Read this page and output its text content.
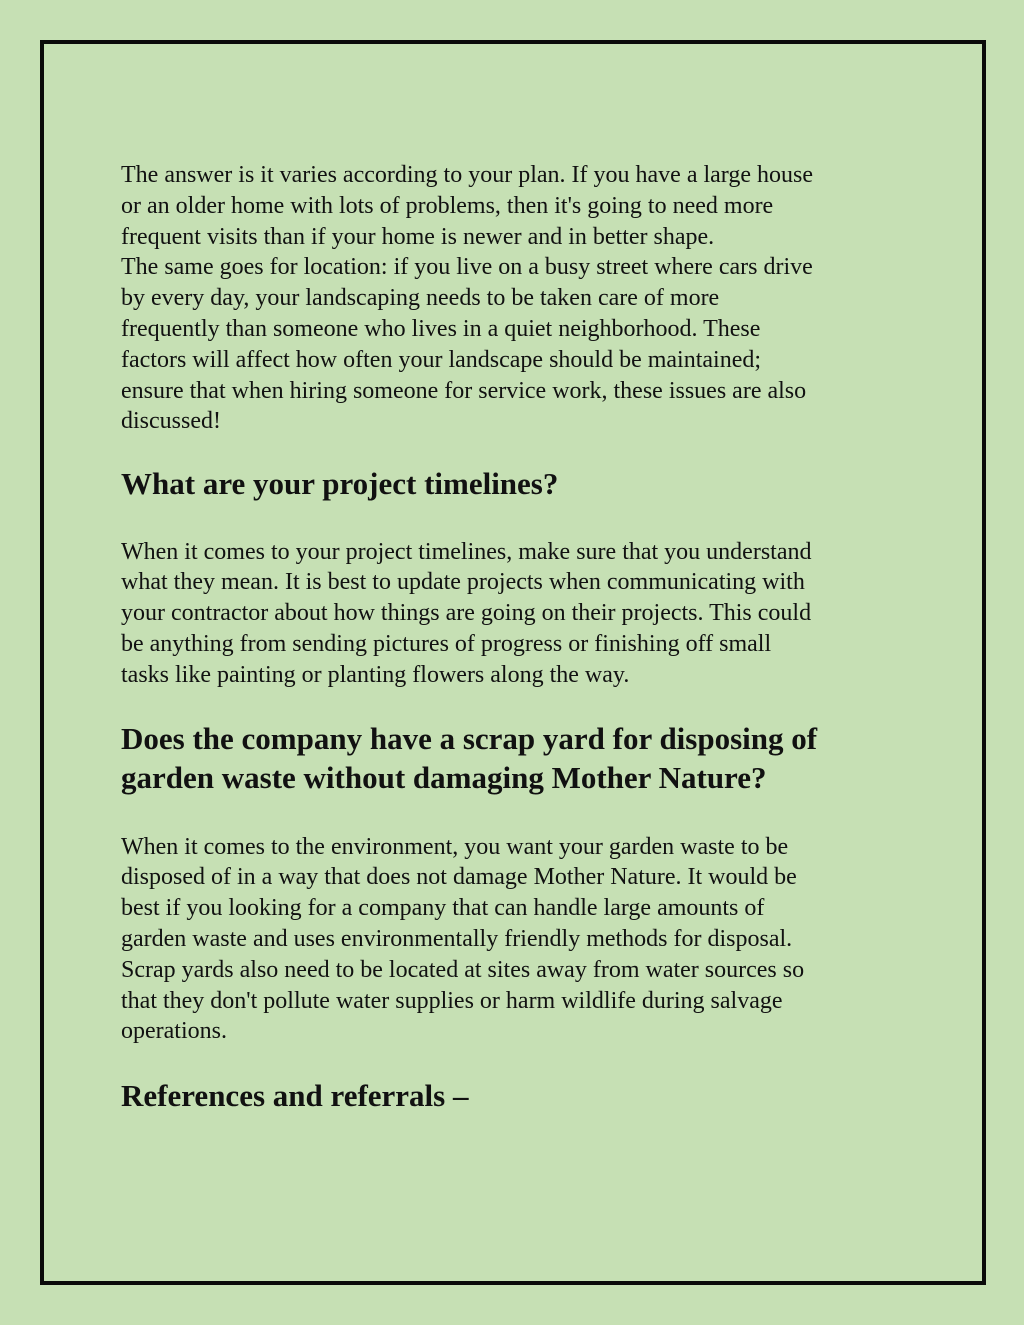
The answer is it varies according to your plan. If you have a large house
or an older home with lots of problems, then it's going to need more
frequent visits than if your home is newer and in better shape.
The same goes for location: if you live on a busy street where cars drive
by every day, your landscaping needs to be taken care of more
frequently than someone who lives in a quiet neighborhood. These
factors will affect how often your landscape should be maintained;
ensure that when hiring someone for service work, these issues are also
discussed!

What are your project timelines?

When it comes to your project timelines, make sure that you understand
what they mean. It is best to update projects when communicating with
your contractor about how things are going on their projects. This could
be anything from sending pictures of progress or finishing off small
tasks like painting or planting flowers along the way.

Does the company have a scrap yard for disposing of
garden waste without damaging Mother Nature?

When it comes to the environment, you want your garden waste to be
disposed of in a way that does not damage Mother Nature. It would be
best if you looking for a company that can handle large amounts of
garden waste and uses environmentally friendly methods for disposal.
Scrap yards also need to be located at sites away from water sources so
that they don't pollute water supplies or harm wildlife during salvage
operations.

References and referrals –
